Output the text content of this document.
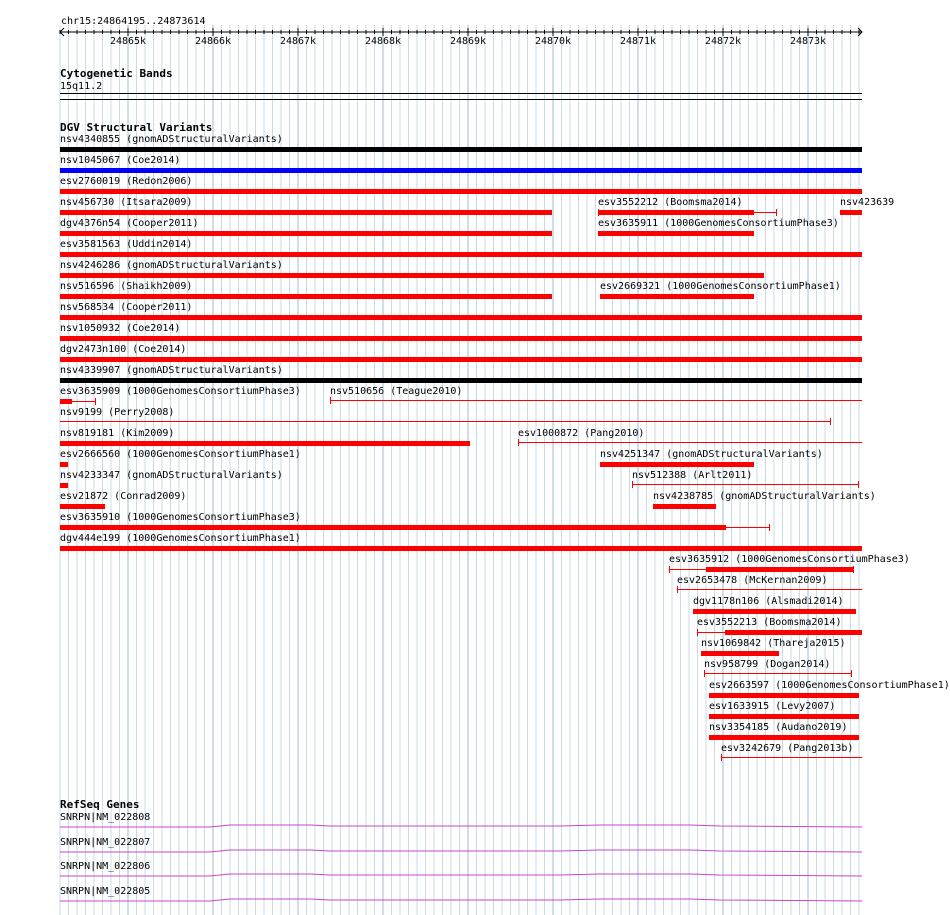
chr15:24864195..24873614
24865k	24866k	24867k	24868k	24869k	24870k	24871k	24872k	24873k
Cytogenetic Bands
15q11.2
DGV Structural Variants
nsv4340855 (gnomADStructuralVariants)
nsv1045067 (Coe2014)
esv2760019 (Redon2006)
nsv456730 (Itsara2009)	esv3552212 (Boomsma2014)	nsv423639
dgv4376n54 (Cooper2011)	esv3635911 (1000GenomesConsortiumPhase3)
esv3581563 (Uddin2014)
nsv4246286 (gnomADStructuralVariants)
nsv516596 (Shaikh2009)	esv2669321 (1000GenomesConsortiumPhase1)
nsv568534 (Cooper2011)
nsv1050932 (Coe2014)
dgv2473n100 (Coe2014)
nsv4339907 (gnomADStructuralVariants)
esv3635909 (1000GenomesConsortiumPhase3)	nsv510656 (Teague2010)
nsv9199 (Perry2008)
nsv819181 (Kim2009)	esv1000872 (Pang2010)
esv2666560 (1000GenomesConsortiumPhase1)	nsv4251347 (gnomADStructuralVariants)
nsv4233347 (gnomADStructuralVariants)	nsv512388 (Arlt2011)
esv21872 (Conrad2009)	nsv4238785 (gnomADStructuralVariants)
esv3635910 (1000GenomesConsortiumPhase3)
dgv444e199 (1000GenomesConsortiumPhase1)
esv3635912 (1000GenomesConsortiumPhase3)
esv2653478 (McKernan2009)
dgv1178n106 (Alsmadi2014)
esv3552213 (Boomsma2014)
nsv1069842 (Thareja2015)
nsv958799 (Dogan2014)
esv2663597 (1000GenomesConsortiumPhase1)
esv1633915 (Levy2007)
nsv3354185 (Audano2019)
esv3242679 (Pang2013b)
RefSeq Genes
SNRPN|NM_022808
SNRPN|NM_022807
SNRPN|NM_022806
SNRPN|NM_022805
